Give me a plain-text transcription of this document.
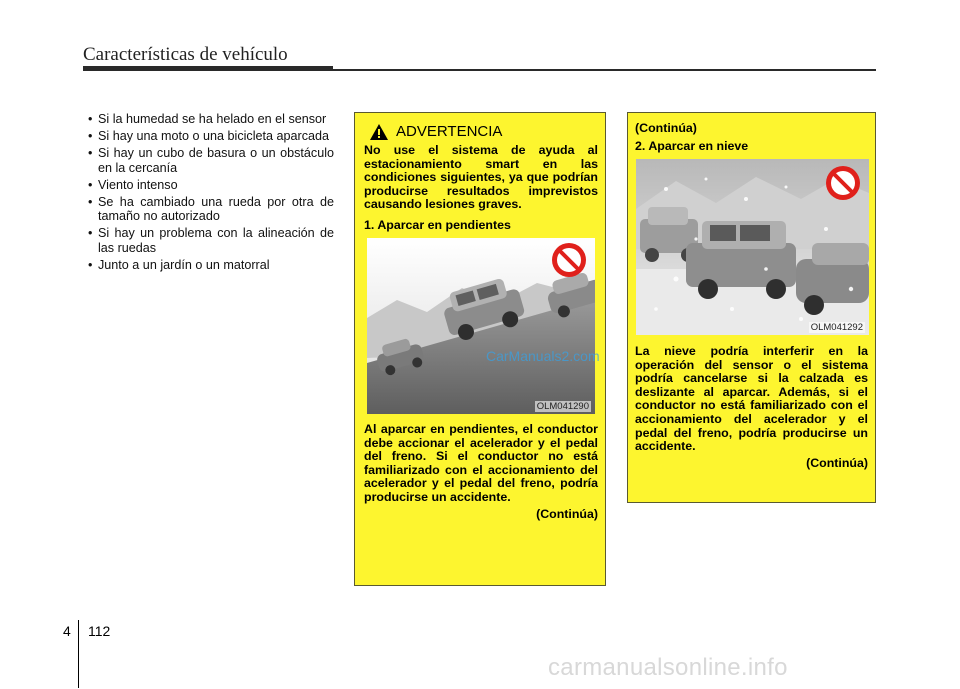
Características de vehículo
• Si la humedad se ha helado en el sensor
• Si hay una moto o una bicicleta aparcada
• Si hay un cubo de basura o un obstáculo en la cercanía
• Viento intenso
• Se ha cambiado una rueda por otra de tamaño no autorizado
• Si hay un problema con la alineación de las ruedas
• Junto a un jardín o un matorral
ADVERTENCIA

No use el sistema de ayuda al estacionamiento smart en las condiciones siguientes, ya que podrían producirse resultados imprevistos causando lesiones graves.

1. Aparcar en pendientes
OLM041290

Al aparcar en pendientes, el conductor debe accionar el acelerador y el pedal del freno. Si el conductor no está familiarizado con el accionamiento del acelerador y el pedal del freno, podría producirse un accidente.

(Continúa)
(Continúa)
2. Aparcar en nieve
OLM041292

La nieve podría interferir en la operación del sensor o el sistema podría cancelarse si la calzada es deslizante al aparcar. Además, si el conductor no está familiarizado con el accionamiento del acelerador y el pedal del freno, podría producirse un accidente.

(Continúa)
CarManuals2.com
4 112
carmanualsonline.info
